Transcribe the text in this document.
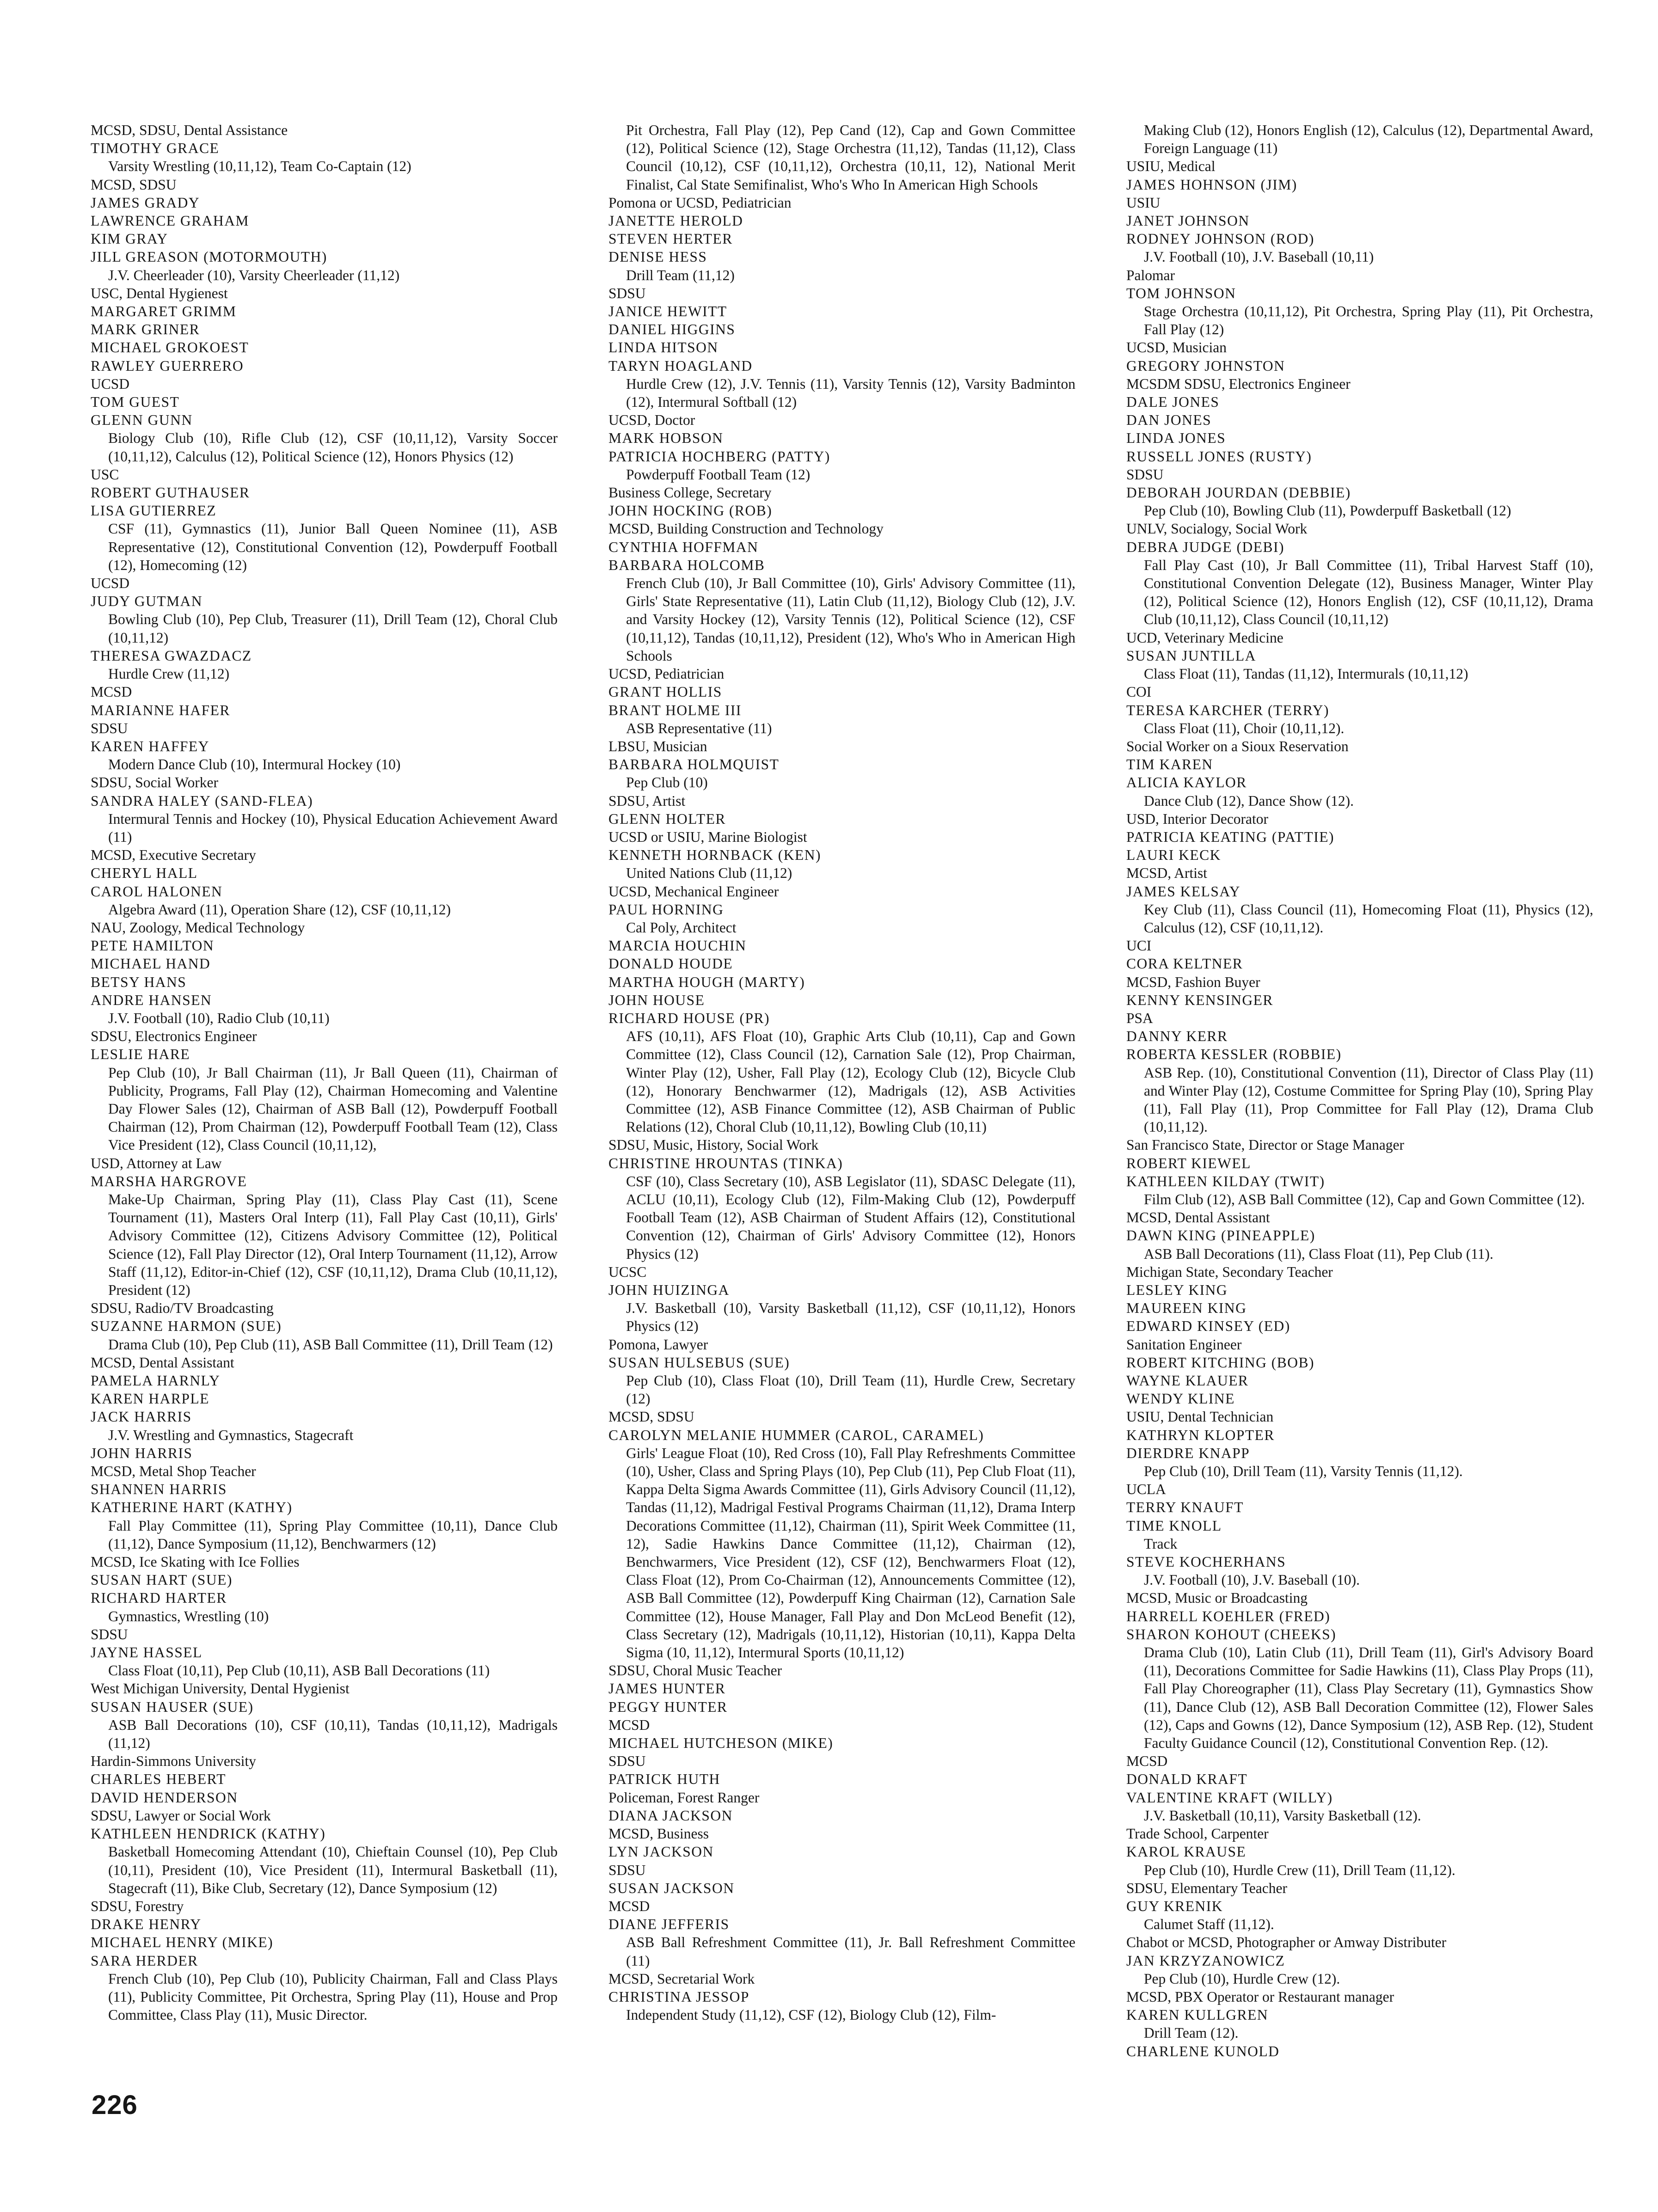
MCSD, SDSU, Dental Assistance
TIMOTHY GRACE
Varsity Wrestling (10,11,12), Team Co-Captain (12)
MCSD, SDSU
JAMES GRADY
LAWRENCE GRAHAM
KIM GRAY
JILL GREASON (MOTORMOUTH)
J.V. Cheerleader (10), Varsity Cheerleader (11,12)
USC, Dental Hygienest
MARGARET GRIMM
MARK GRINER
MICHAEL GROKOEST
RAWLEY GUERRERO
UCSD
TOM GUEST
GLENN GUNN
Biology Club (10), Rifle Club (12), CSF (10,11,12), Varsity Soccer (10,11,12), Calculus (12), Political Science (12), Honors Physics (12)
USC
ROBERT GUTHAUSER
LISA GUTIERREZ
CSF (11), Gymnastics (11), Junior Ball Queen Nominee (11), ASB Representative (12), Constitutional Convention (12), Powderpuff Football (12), Homecoming (12)
UCSD
JUDY GUTMAN
Bowling Club (10), Pep Club, Treasurer (11), Drill Team (12), Choral Club (10,11,12)
THERESA GWAZDACZ
Hurdle Crew (11,12)
MCSD
MARIANNE HAFER
SDSU
KAREN HAFFEY
Modern Dance Club (10), Intermural Hockey (10)
SDSU, Social Worker
SANDRA HALEY (SAND-FLEA)
Intermural Tennis and Hockey (10), Physical Education Achievement Award (11)
MCSD, Executive Secretary
CHERYL HALL
CAROL HALONEN
Algebra Award (11), Operation Share (12), CSF (10,11,12)
NAU, Zoology, Medical Technology
PETE HAMILTON
MICHAEL HAND
BETSY HANS
ANDRE HANSEN
J.V. Football (10), Radio Club (10,11)
SDSU, Electronics Engineer
LESLIE HARE
Pep Club (10), Jr Ball Chairman (11), Jr Ball Queen (11), Chairman of Publicity, Programs, Fall Play (12), Chairman Homecoming and Valentine Day Flower Sales (12), Chairman of ASB Ball (12), Powderpuff Football Chairman (12), Prom Chairman (12), Powderpuff Football Team (12), Class Vice President (12), Class Council (10,11,12),
USD, Attorney at Law
MARSHA HARGROVE
Make-Up Chairman, Spring Play (11), Class Play Cast (11), Scene Tournament (11), Masters Oral Interp (11), Fall Play Cast (10,11), Girls' Advisory Committee (12), Citizens Advisory Committee (12), Political Science (12), Fall Play Director (12), Oral Interp Tournament (11,12), Arrow Staff (11,12), Editor-in-Chief (12), CSF (10,11,12), Drama Club (10,11,12), President (12)
SDSU, Radio/TV Broadcasting
SUZANNE HARMON (SUE)
Drama Club (10), Pep Club (11), ASB Ball Committee (11), Drill Team (12)
MCSD, Dental Assistant
PAMELA HARNLY
KAREN HARPLE
JACK HARRIS
J.V. Wrestling and Gymnastics, Stagecraft
JOHN HARRIS
MCSD, Metal Shop Teacher
SHANNEN HARRIS
KATHERINE HART (KATHY)
Fall Play Committee (11), Spring Play Committee (10,11), Dance Club (11,12), Dance Symposium (11,12), Benchwarmers (12)
MCSD, Ice Skating with Ice Follies
SUSAN HART (SUE)
RICHARD HARTER
Gymnastics, Wrestling (10)
SDSU
JAYNE HASSEL
Class Float (10,11), Pep Club (10,11), ASB Ball Decorations (11)
West Michigan University, Dental Hygienist
SUSAN HAUSER (SUE)
ASB Ball Decorations (10), CSF (10,11), Tandas (10,11,12), Madrigals (11,12)
Hardin-Simmons University
CHARLES HEBERT
DAVID HENDERSON
SDSU, Lawyer or Social Work
KATHLEEN HENDRICK (KATHY)
Basketball Homecoming Attendant (10), Chieftain Counsel (10), Pep Club (10,11), President (10), Vice President (11), Intermural Basketball (11), Stagecraft (11), Bike Club, Secretary (12), Dance Symposium (12)
SDSU, Forestry
DRAKE HENRY
MICHAEL HENRY (MIKE)
SARA HERDER
French Club (10), Pep Club (10), Publicity Chairman, Fall and Class Plays (11), Publicity Committee, Pit Orchestra, Spring Play (11), House and Prop Committee, Class Play (11), Music Director.
Pit Orchestra, Fall Play (12), Pep Cand (12), Cap and Gown Committee (12), Political Science (12), Stage Orchestra (11,12), Tandas (11,12), Class Council (10,12), CSF (10,11,12), Orchestra (10,11, 12), National Merit Finalist, Cal State Semifinalist, Who's Who In American High Schools
Pomona or UCSD, Pediatrician
JANETTE HEROLD
STEVEN HERTER
DENISE HESS
Drill Team (11,12)
SDSU
JANICE HEWITT
DANIEL HIGGINS
LINDA HITSON
TARYN HOAGLAND
Hurdle Crew (12), J.V. Tennis (11), Varsity Tennis (12), Varsity Badminton (12), Intermural Softball (12)
UCSD, Doctor
MARK HOBSON
PATRICIA HOCHBERG (PATTY)
Powderpuff Football Team (12)
Business College, Secretary
JOHN HOCKING (ROB)
MCSD, Building Construction and Technology
CYNTHIA HOFFMAN
BARBARA HOLCOMB
French Club (10), Jr Ball Committee (10), Girls' Advisory Committee (11), Girls' State Representative (11), Latin Club (11,12), Biology Club (12), J.V. and Varsity Hockey (12), Varsity Tennis (12), Political Science (12), CSF (10,11,12), Tandas (10,11,12), President (12), Who's Who in American High Schools
UCSD, Pediatrician
GRANT HOLLIS
BRANT HOLME III
ASB Representative (11)
LBSU, Musician
BARBARA HOLMQUIST
Pep Club (10)
SDSU, Artist
GLENN HOLTER
UCSD or USIU, Marine Biologist
KENNETH HORNBACK (KEN)
United Nations Club (11,12)
UCSD, Mechanical Engineer
PAUL HORNING
Cal Poly, Architect
MARCIA HOUCHIN
DONALD HOUDE
MARTHA HOUGH (MARTY)
JOHN HOUSE
RICHARD HOUSE (PR)
AFS (10,11), AFS Float (10), Graphic Arts Club (10,11), Cap and Gown Committee (12), Class Council (12), Carnation Sale (12), Prop Chairman, Winter Play (12), Usher, Fall Play (12), Ecology Club (12), Bicycle Club (12), Honorary Benchwarmer (12), Madrigals (12), ASB Activities Committee (12), ASB Finance Committee (12), ASB Chairman of Public Relations (12), Choral Club (10,11,12), Bowling Club (10,11)
SDSU, Music, History, Social Work
CHRISTINE HROUNTAS (TINKA)
CSF (10), Class Secretary (10), ASB Legislator (11), SDASC Delegate (11), ACLU (10,11), Ecology Club (12), Film-Making Club (12), Powderpuff Football Team (12), ASB Chairman of Student Affairs (12), Constitutional Convention (12), Chairman of Girls' Advisory Committee (12), Honors Physics (12)
UCSC
JOHN HUIZINGA
J.V. Basketball (10), Varsity Basketball (11,12), CSF (10,11,12), Honors Physics (12)
Pomona, Lawyer
SUSAN HULSEBUS (SUE)
Pep Club (10), Class Float (10), Drill Team (11), Hurdle Crew, Secretary (12)
MCSD, SDSU
CAROLYN MELANIE HUMMER (CAROL, CARAMEL)
Girls' League Float (10), Red Cross (10), Fall Play Refreshments Committee (10), Usher, Class and Spring Plays (10), Pep Club (11), Pep Club Float (11), Kappa Delta Sigma Awards Committee (11), Girls Advisory Council (11,12), Tandas (11,12), Madrigal Festival Programs Chairman (11,12), Drama Interp Decorations Committee (11,12), Chairman (11), Spirit Week Committee (11, 12), Sadie Hawkins Dance Committee (11,12), Chairman (12), Benchwarmers, Vice President (12), CSF (12), Benchwarmers Float (12), Class Float (12), Prom Co-Chairman (12), Announcements Committee (12), ASB Ball Committee (12), Powderpuff King Chairman (12), Carnation Sale Committee (12), House Manager, Fall Play and Don McLeod Benefit (12), Class Secretary (12), Madrigals (10,11,12), Historian (10,11), Kappa Delta Sigma (10, 11,12), Intermural Sports (10,11,12)
SDSU, Choral Music Teacher
JAMES HUNTER
PEGGY HUNTER
MCSD
MICHAEL HUTCHESON (MIKE)
SDSU
PATRICK HUTH
Policeman, Forest Ranger
DIANA JACKSON
MCSD, Business
LYN JACKSON
SDSU
SUSAN JACKSON
MCSD
DIANE JEFFERIS
ASB Ball Refreshment Committee (11), Jr. Ball Refreshment Committee (11)
MCSD, Secretarial Work
CHRISTINA JESSOP
Independent Study (11,12), CSF (12), Biology Club (12), Film-
Making Club (12), Honors English (12), Calculus (12), Departmental Award, Foreign Language (11)
USIU, Medical
JAMES HOHNSON (JIM)
USIU
JANET JOHNSON
RODNEY JOHNSON (ROD)
J.V. Football (10), J.V. Baseball (10,11)
Palomar
TOM JOHNSON
Stage Orchestra (10,11,12), Pit Orchestra, Spring Play (11), Pit Orchestra, Fall Play (12)
UCSD, Musician
GREGORY JOHNSTON
MCSDM SDSU, Electronics Engineer
DALE JONES
DAN JONES
LINDA JONES
RUSSELL JONES (RUSTY)
SDSU
DEBORAH JOURDAN (DEBBIE)
Pep Club (10), Bowling Club (11), Powderpuff Basketball (12)
UNLV, Socialogy, Social Work
DEBRA JUDGE (DEBI)
Fall Play Cast (10), Jr Ball Committee (11), Tribal Harvest Staff (10), Constitutional Convention Delegate (12), Business Manager, Winter Play (12), Political Science (12), Honors English (12), CSF (10,11,12), Drama Club (10,11,12), Class Council (10,11,12)
UCD, Veterinary Medicine
SUSAN JUNTILLA
Class Float (11), Tandas (11,12), Intermurals (10,11,12)
COI
TERESA KARCHER (TERRY)
Class Float (11), Choir (10,11,12).
Social Worker on a Sioux Reservation
TIM KAREN
ALICIA KAYLOR
Dance Club (12), Dance Show (12).
USD, Interior Decorator
PATRICIA KEATING (PATTIE)
LAURI KECK
MCSD, Artist
JAMES KELSAY
Key Club (11), Class Council (11), Homecoming Float (11), Physics (12), Calculus (12), CSF (10,11,12).
UCI
CORA KELTNER
MCSD, Fashion Buyer
KENNY KENSINGER
PSA
DANNY KERR
ROBERTA KESSLER (ROBBIE)
ASB Rep. (10), Constitutional Convention (11), Director of Class Play (11) and Winter Play (12), Costume Committee for Spring Play (10), Spring Play (11), Fall Play (11), Prop Committee for Fall Play (12), Drama Club (10,11,12).
San Francisco State, Director or Stage Manager
ROBERT KIEWEL
KATHLEEN KILDAY (TWIT)
Film Club (12), ASB Ball Committee (12), Cap and Gown Committee (12).
MCSD, Dental Assistant
DAWN KING (PINEAPPLE)
ASB Ball Decorations (11), Class Float (11), Pep Club (11).
Michigan State, Secondary Teacher
LESLEY KING
MAUREEN KING
EDWARD KINSEY (ED)
Sanitation Engineer
ROBERT KITCHING (BOB)
WAYNE KLAUER
WENDY KLINE
USIU, Dental Technician
KATHRYN KLOPTER
DIERDRE KNAPP
Pep Club (10), Drill Team (11), Varsity Tennis (11,12).
UCLA
TERRY KNAUFT
TIME KNOLL
Track
STEVE KOCHERHANS
J.V. Football (10), J.V. Baseball (10).
MCSD, Music or Broadcasting
HARRELL KOEHLER (FRED)
SHARON KOHOUT (CHEEKS)
Drama Club (10), Latin Club (11), Drill Team (11), Girl's Advisory Board (11), Decorations Committee for Sadie Hawkins (11), Class Play Props (11), Fall Play Choreographer (11), Class Play Secretary (11), Gymnastics Show (11), Dance Club (12), ASB Ball Decoration Committee (12), Flower Sales (12), Caps and Gowns (12), Dance Symposium (12), ASB Rep. (12), Student Faculty Guidance Council (12), Constitutional Convention Rep. (12).
MCSD
DONALD KRAFT
VALENTINE KRAFT (WILLY)
J.V. Basketball (10,11), Varsity Basketball (12).
Trade School, Carpenter
KAROL KRAUSE
Pep Club (10), Hurdle Crew (11), Drill Team (11,12).
SDSU, Elementary Teacher
GUY KRENIK
Calumet Staff (11,12).
Chabot or MCSD, Photographer or Amway Distributer
JAN KRZYZANOWICZ
Pep Club (10), Hurdle Crew (12).
MCSD, PBX Operator or Restaurant manager
KAREN KULLGREN
Drill Team (12).
CHARLENE KUNOLD
226
